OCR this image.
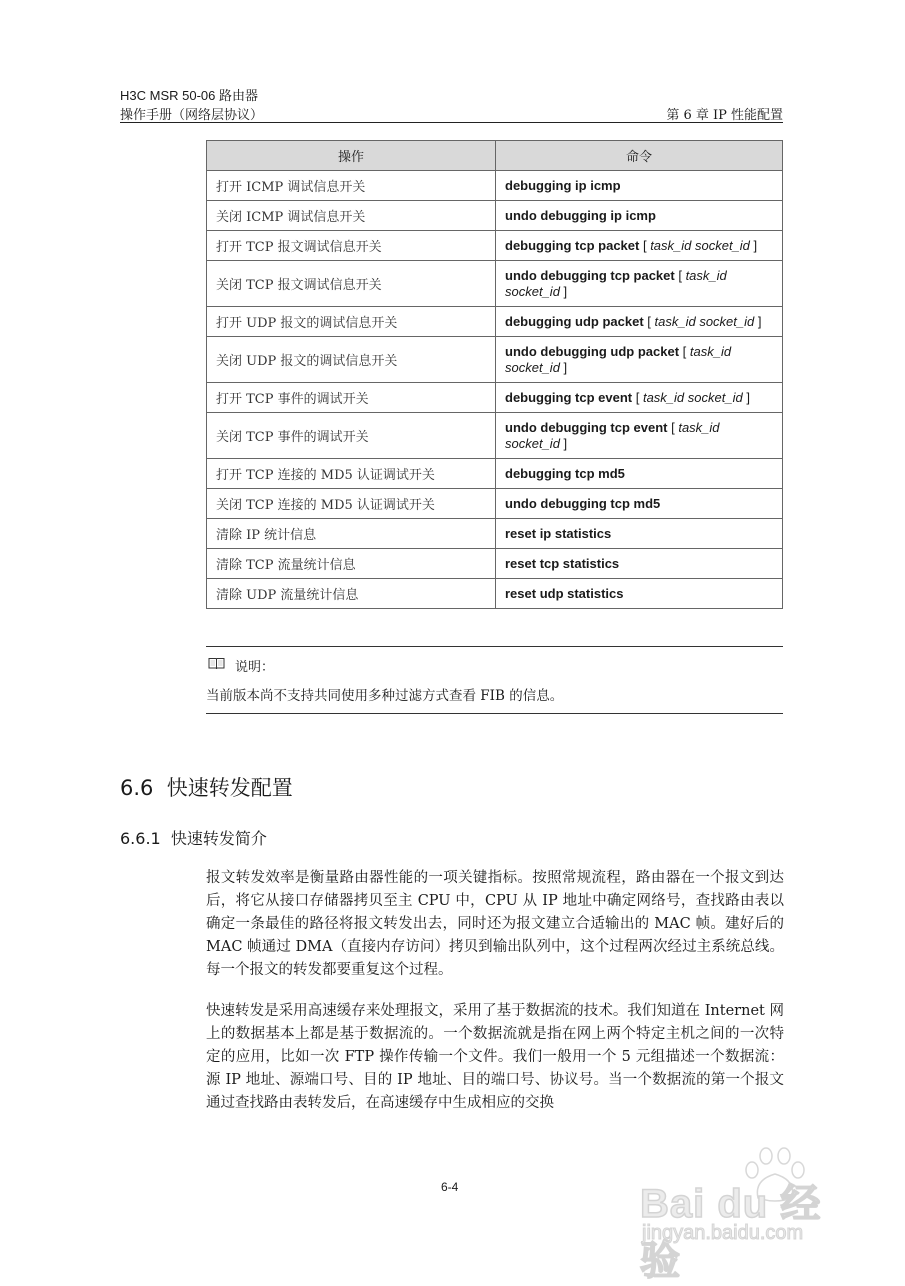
H3C MSR 50-06 路由器
操作手册（网络层协议）	第 6 章 IP 性能配置
操作	命令
打开 ICMP 调试信息开关	debugging ip icmp
关闭 ICMP 调试信息开关	undo debugging ip icmp
打开 TCP 报文调试信息开关	debugging tcp packet [ task_id socket_id ]
关闭 TCP 报文调试信息开关	undo debugging tcp packet [ task_id socket_id ]
打开 UDP 报文的调试信息开关	debugging udp packet [ task_id socket_id ]
关闭 UDP 报文的调试信息开关	undo debugging udp packet [ task_id socket_id ]
打开 TCP 事件的调试开关	debugging tcp event [ task_id socket_id ]
关闭 TCP 事件的调试开关	undo debugging tcp event [ task_id socket_id ]
打开 TCP 连接的 MD5 认证调试开关	debugging tcp md5
关闭 TCP 连接的 MD5 认证调试开关	undo debugging tcp md5
清除 IP 统计信息	reset ip statistics
清除 TCP 流量统计信息	reset tcp statistics
清除 UDP 流量统计信息	reset udp statistics
说明：
当前版本尚不支持共同使用多种过滤方式查看 FIB 的信息。
6.6 快速转发配置
6.6.1 快速转发简介
报文转发效率是衡量路由器性能的一项关键指标。按照常规流程，路由器在一个报文到达后，将它从接口存储器拷贝至主 CPU 中，CPU 从 IP 地址中确定网络号，查找路由表以确定一条最佳的路径将报文转发出去，同时还为报文建立合适输出的 MAC 帧。建好后的 MAC 帧通过 DMA（直接内存访问）拷贝到输出队列中，这个过程两次经过主系统总线。每一个报文的转发都要重复这个过程。
快速转发是采用高速缓存来处理报文，采用了基于数据流的技术。我们知道在 Internet 网上的数据基本上都是基于数据流的。一个数据流就是指在网上两个特定主机之间的一次特定的应用，比如一次 FTP 操作传输一个文件。我们一般用一个 5 元组描述一个数据流：源 IP 地址、源端口号、目的 IP 地址、目的端口号、协议号。当一个数据流的第一个报文通过查找路由表转发后，在高速缓存中生成相应的交换
6-4	Bai du 经验
jingyan.baidu.com
